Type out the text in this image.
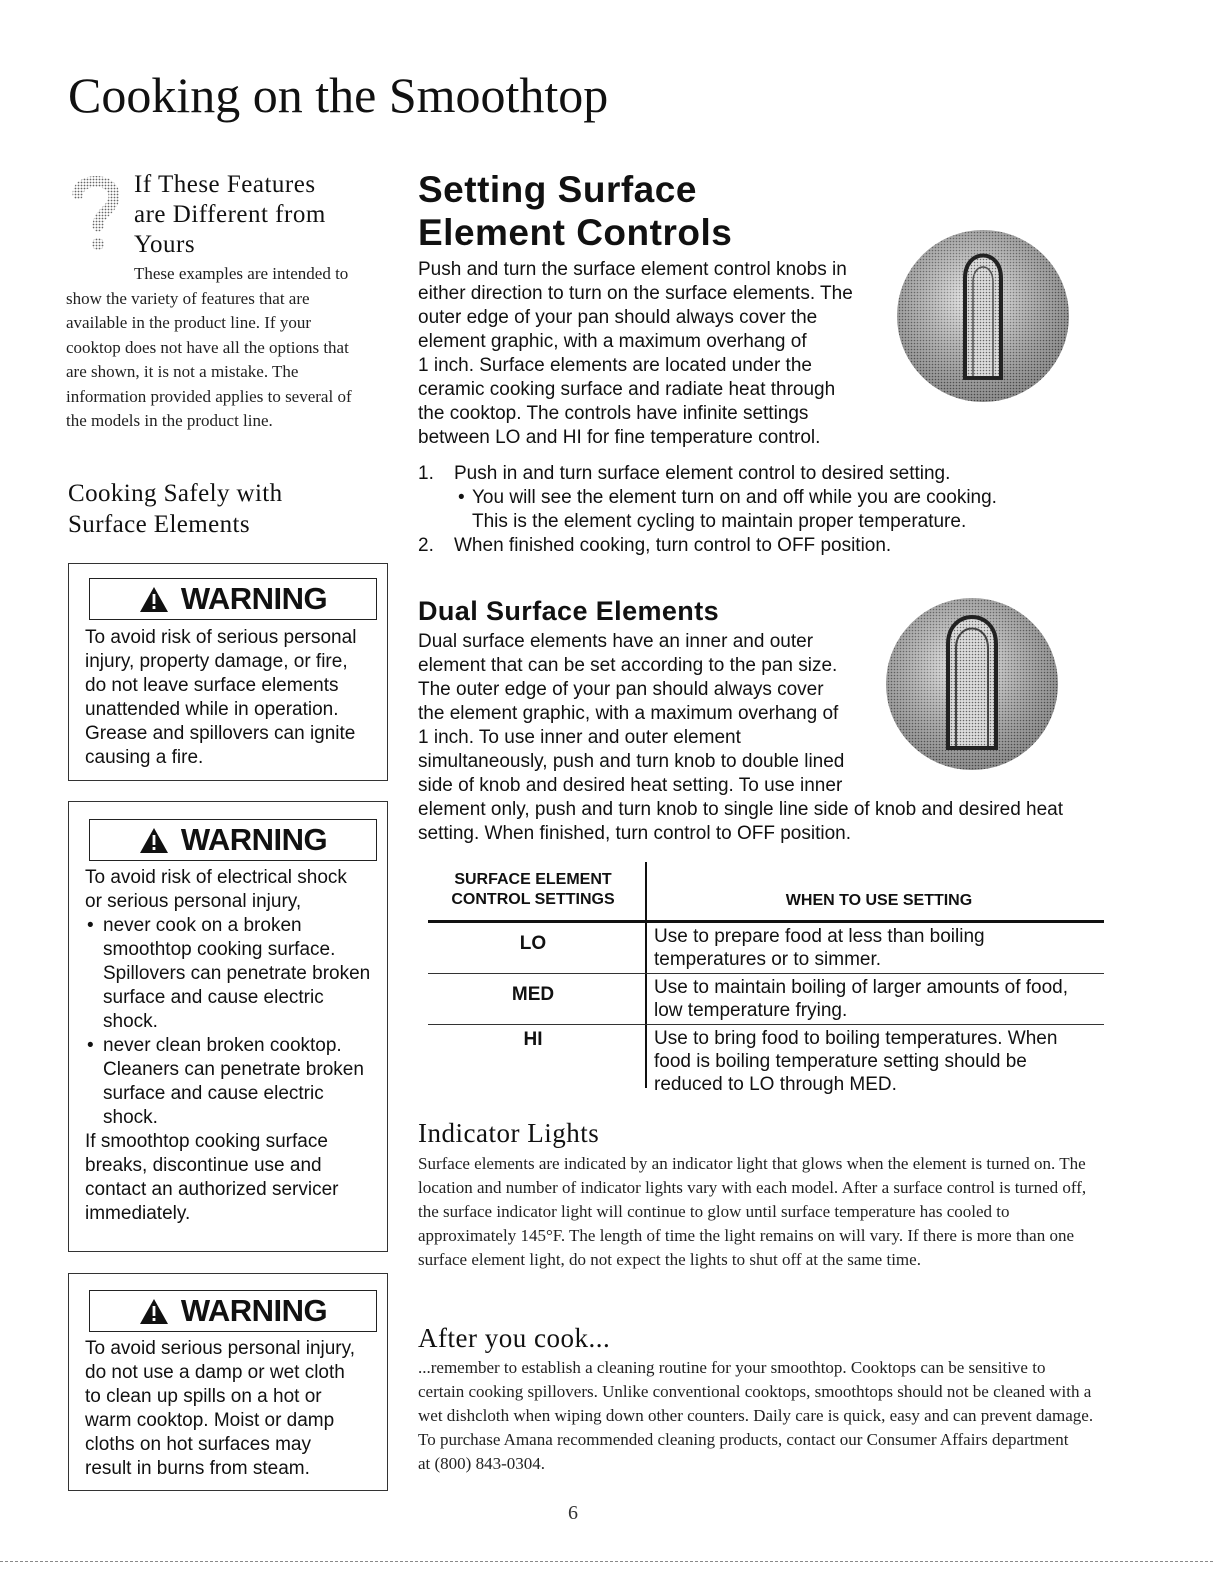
Cooking on the Smoothtop
If These Features
are Different from
Yours

These examples are intended to show the variety of features that are available in the product line. If your cooktop does not have all the options that are shown, it is not a mistake. The information provided applies to several of the models in the product line.

Cooking Safely with
Surface Elements
WARNING

To avoid risk of serious personal
injury, property damage, or fire,
do not leave surface elements
unattended while in operation.
Grease and spillovers can ignite
causing a fire.

WARNING

To avoid risk of electrical shock
or serious personal injury,

• never cook on a broken
smoothtop cooking surface.
Spillovers can penetrate broken
surface and cause electric
shock.
• never clean broken cooktop.
Cleaners can penetrate broken
surface and cause electric
shock.

If smoothtop cooking surface
breaks, discontinue use and
contact an authorized servicer
immediately.

WARNING

To avoid serious personal injury,
do not use a damp or wet cloth
to clean up spills on a hot or
warm cooktop. Moist or damp
cloths on hot surfaces may
result in burns from steam.

Setting Surface
Element Controls

Push and turn the surface element control knobs in
either direction to turn on the surface elements. The
outer edge of your pan should always cover the
element graphic, with a maximum overhang of
1 inch. Surface elements are located under the
ceramic cooking surface and radiate heat through
the cooktop. The controls have infinite settings
between LO and HI for fine temperature control.

1. Push in and turn surface element control to desired setting.

• You will see the element turn on and off while you are cooking.

This is the element cycling to maintain proper temperature.

2. When finished cooking, turn control to OFF position.

Dual Surface Elements

Dual surface elements have an inner and outer
element that can be set according to the pan size.
The outer edge of your pan should always cover
the element graphic, with a maximum overhang of
1 inch. To use inner and outer element
simultaneously, push and turn knob to double lined
side of knob and desired heat setting. To use inner
element only, push and turn knob to single line side of knob and desired heat
setting. When finished, turn control to OFF position.

SURFACE ELEMENT
CONTROL SETTINGS	WHEN TO USE SETTING
LO	Use to prepare food at less than boiling
temperatures or to simmer.
MED	Use to maintain boiling of larger amounts of food,
low temperature frying.
HI	Use to bring food to boiling temperatures. When
food is boiling temperature setting should be
reduced to LO through MED.
Indicator Lights

Surface elements are indicated by an indicator light that glows when the element is turned on. The location and number of indicator lights vary with each model. After a surface control is turned off, the surface indicator light will continue to glow until surface temperature has cooled to approximately 145°F. The length of time the light remains on will vary. If there is more than one surface element light, do not expect the lights to shut off at the same time.

After you cook...

...remember to establish a cleaning routine for your smoothtop. Cooktops can be sensitive to certain cooking spillovers. Unlike conventional cooktops, smoothtops should not be cleaned with a wet dishcloth when wiping down other counters. Daily care is quick, easy and can prevent damage. To purchase Amana recommended cleaning products, contact our Consumer Affairs department
at (800) 843-0304.

6
